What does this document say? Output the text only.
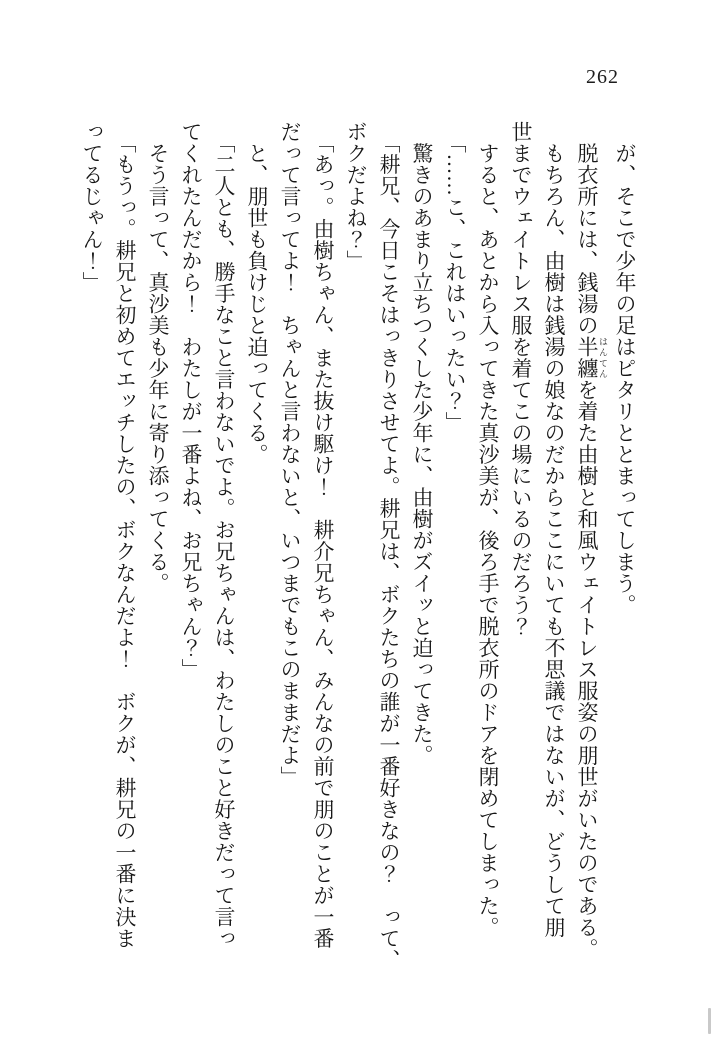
262
　が、そこで少年の足はピタリととまってしまう。
　脱衣所には、銭湯の半纏 はんてんを着た由樹と和風ウェイトレス服姿の朋世がいたのである。
　もちろん、由樹は銭湯の娘なのだからここにいても不思議ではないが、どうして朋
世までウェイトレス服を着てこの場にいるのだろう？
　すると、あとから入ってきた真沙美が、後ろ手で脱衣所のドアを閉めてしまった。
「……こ、これはいったい？」
　驚きのあまり立ちつくした少年に、由樹がズイッと迫ってきた。
「耕兄、今日こそはっきりさせてよ。耕兄は、ボクたちの誰が一番好きなの？　って、
ボクだよね？」
「あっ。由樹ちゃん、また抜け駆け！　耕介兄ちゃん、みんなの前で朋のことが一番
だって言ってよ！　ちゃんと言わないと、いつまでもこのままだよ」
　と、朋世も負けじと迫ってくる。
「二人とも、勝手なこと言わないでよ。お兄ちゃんは、わたしのこと好きだって言っ
てくれたんだから！　わたしが一番よね、お兄ちゃん？」
　そう言って、真沙美も少年に寄り添ってくる。
「もうっ。耕兄と初めてエッチしたの、ボクなんだよ！　ボクが、耕兄の一番に決ま
ってるじゃん！」
